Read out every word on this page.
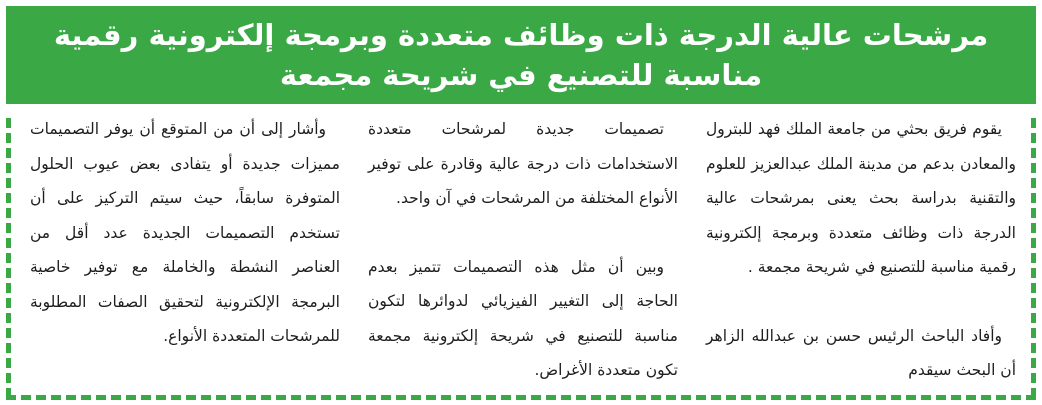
مرشحات عالية الدرجة ذات وظائف متعددة وبرمجة إلكترونية رقمية
مناسبة للتصنيع في شريحة مجمعة

يقوم فريق بحثي من جامعة الملك فهد للبترول والمعادن بدعم من مدينة الملك عبدالعزيز للعلوم والتقنية بدراسة بحث يعنى بمرشحات عالية الدرجة ذات وظائف متعددة وبرمجة إلكترونية رقمية مناسبة للتصنيع في شريحة مجمعة .

وأفاد الباحث الرئيس حسن بن عبدالله الزاهر أن البحث سيقدم

تصميمات جديدة لمرشحات متعددة الاستخدامات ذات درجة عالية وقادرة على توفير الأنواع المختلفة من المرشحات في آن واحد.

وبين أن مثل هذه التصميمات تتميز بعدم الحاجة إلى التغيير الفيزيائي لدوائرها لتكون مناسبة للتصنيع في شريحة إلكترونية مجمعة تكون متعددة الأغراض.

وأشار إلى أن من المتوقع أن يوفر التصميمات مميزات جديدة أو يتفادى بعض عيوب الحلول المتوفرة سابقاً، حيث سيتم التركيز على أن تستخدم التصميمات الجديدة عدد أقل من العناصر النشطة والخاملة مع توفير خاصية البرمجة الإلكترونية لتحقيق الصفات المطلوبة للمرشحات المتعددة الأنواع.
